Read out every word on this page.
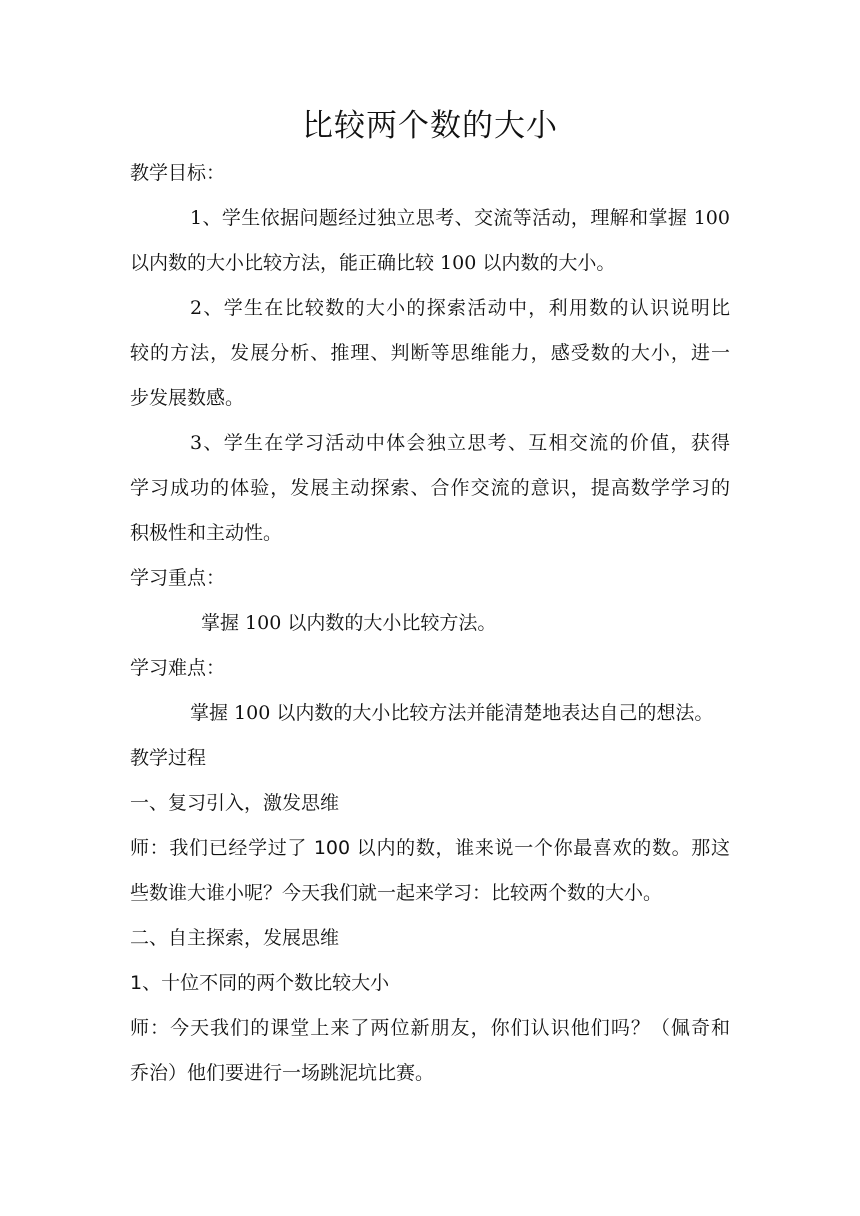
比较两个数的大小
教学目标：
1、学生依据问题经过独立思考、交流等活动，理解和掌握 100
以内数的大小比较方法，能正确比较 100 以内数的大小。
2、学生在比较数的大小的探索活动中，利用数的认识说明比
较的方法，发展分析、推理、判断等思维能力，感受数的大小，进一
步发展数感。
3、学生在学习活动中体会独立思考、互相交流的价值，获得
学习成功的体验，发展主动探索、合作交流的意识，提高数学学习的
积极性和主动性。
学习重点：
掌握 100 以内数的大小比较方法。
学习难点：
掌握 100 以内数的大小比较方法并能清楚地表达自己的想法。
教学过程
一、复习引入，激发思维
师：我们已经学过了 100 以内的数，谁来说一个你最喜欢的数。那这
些数谁大谁小呢？今天我们就一起来学习：比较两个数的大小。
二、自主探索，发展思维
1、十位不同的两个数比较大小
师：今天我们的课堂上来了两位新朋友，你们认识他们吗？（佩奇和
乔治）他们要进行一场跳泥坑比赛。
